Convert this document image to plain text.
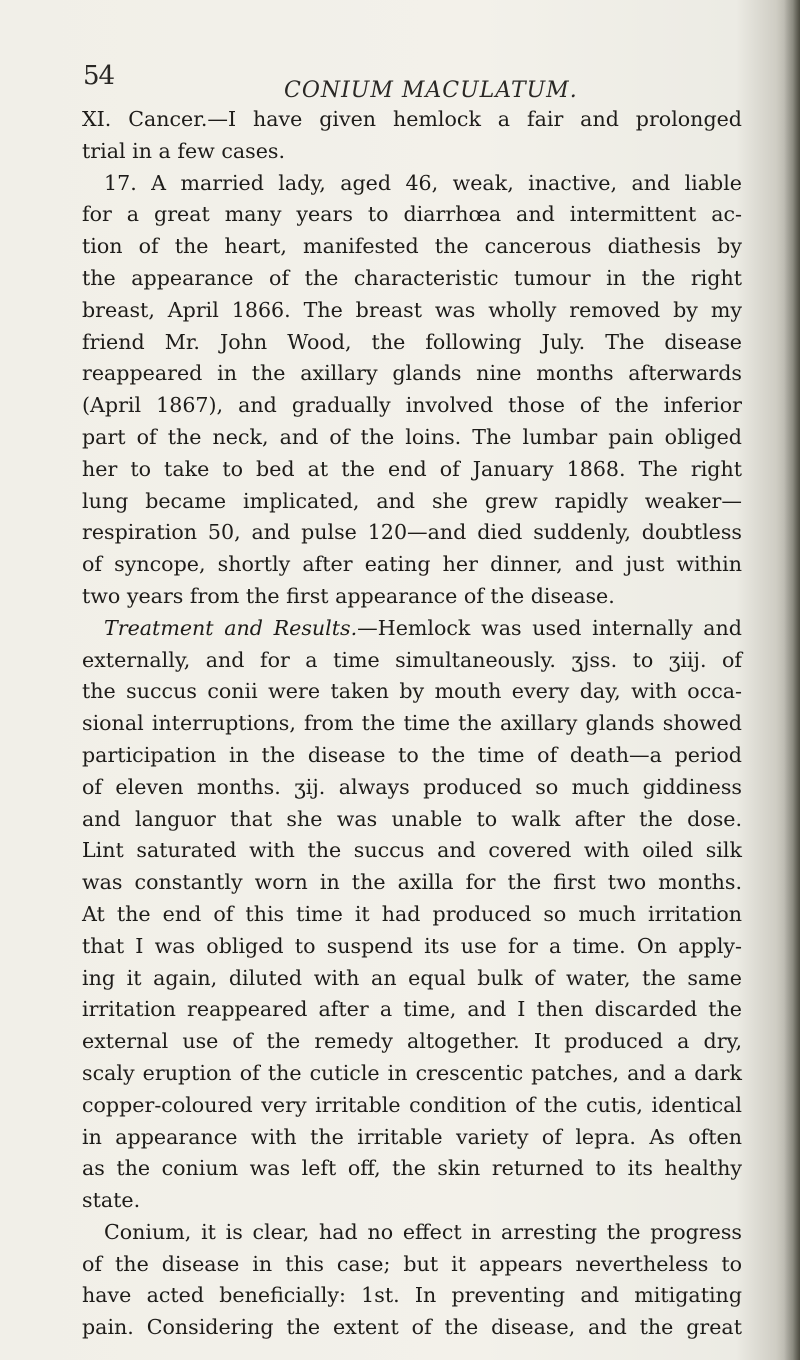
54	CONIUM MACULATUM.
XI. Cancer.—I have given hemlock a fair and prolonged
trial in a few cases.
17. A married lady, aged 46, weak, inactive, and liable
for a great many years to diarrhœa and intermittent ac-
tion of the heart, manifested the cancerous diathesis by
the appearance of the characteristic tumour in the right
breast, April 1866. The breast was wholly removed by my
friend Mr. John Wood, the following July. The disease
reappeared in the axillary glands nine months afterwards
(April 1867), and gradually involved those of the inferior
part of the neck, and of the loins. The lumbar pain obliged
her to take to bed at the end of January 1868. The right
lung became implicated, and she grew rapidly weaker—
respiration 50, and pulse 120—and died suddenly, doubtless
of syncope, shortly after eating her dinner, and just within
two years from the first appearance of the disease.
Treatment and Results.—Hemlock was used internally and
externally, and for a time simultaneously. ʒjss. to ʒiij. of
the succus conii were taken by mouth every day, with occa-
sional interruptions, from the time the axillary glands showed
participation in the disease to the time of death—a period
of eleven months. ʒij. always produced so much giddiness
and languor that she was unable to walk after the dose.
Lint saturated with the succus and covered with oiled silk
was constantly worn in the axilla for the first two months.
At the end of this time it had produced so much irritation
that I was obliged to suspend its use for a time. On apply-
ing it again, diluted with an equal bulk of water, the same
irritation reappeared after a time, and I then discarded the
external use of the remedy altogether. It produced a dry,
scaly eruption of the cuticle in crescentic patches, and a dark
copper-coloured very irritable condition of the cutis, identical
in appearance with the irritable variety of lepra. As often
as the conium was left off, the skin returned to its healthy
state.
Conium, it is clear, had no effect in arresting the progress
of the disease in this case; but it appears nevertheless to
have acted beneficially: 1st. In preventing and mitigating
pain. Considering the extent of the disease, and the great
